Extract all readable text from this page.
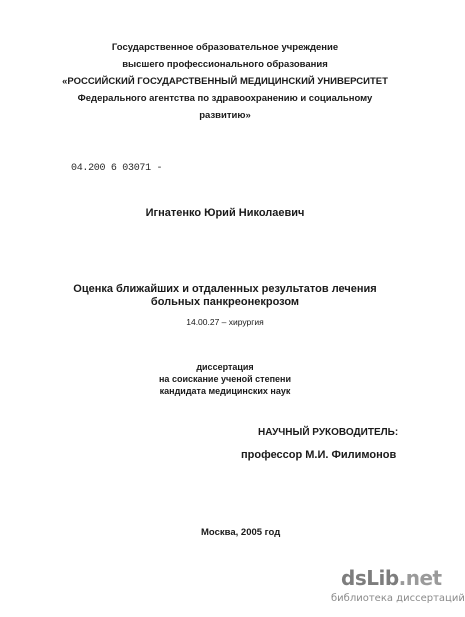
Государственное образовательное учреждение
высшего профессионального образования
«РОССИЙСКИЙ ГОСУДАРСТВЕННЫЙ МЕДИЦИНСКИЙ УНИВЕРСИТЕТ
Федерального агентства по здравоохранению и социальному
развитию»
04.200 6 03071 -
Игнатенко Юрий Николаевич
Оценка ближайших и отдаленных результатов лечения
больных панкреонекрозом
14.00.27 – хирургия
диссертация
на соискание ученой степени
кандидата медицинских наук
НАУЧНЫЙ РУКОВОДИТЕЛЬ:
профессор М.И. Филимонов
Москва, 2005 год
dsLib.net
библиотека диссертаций
